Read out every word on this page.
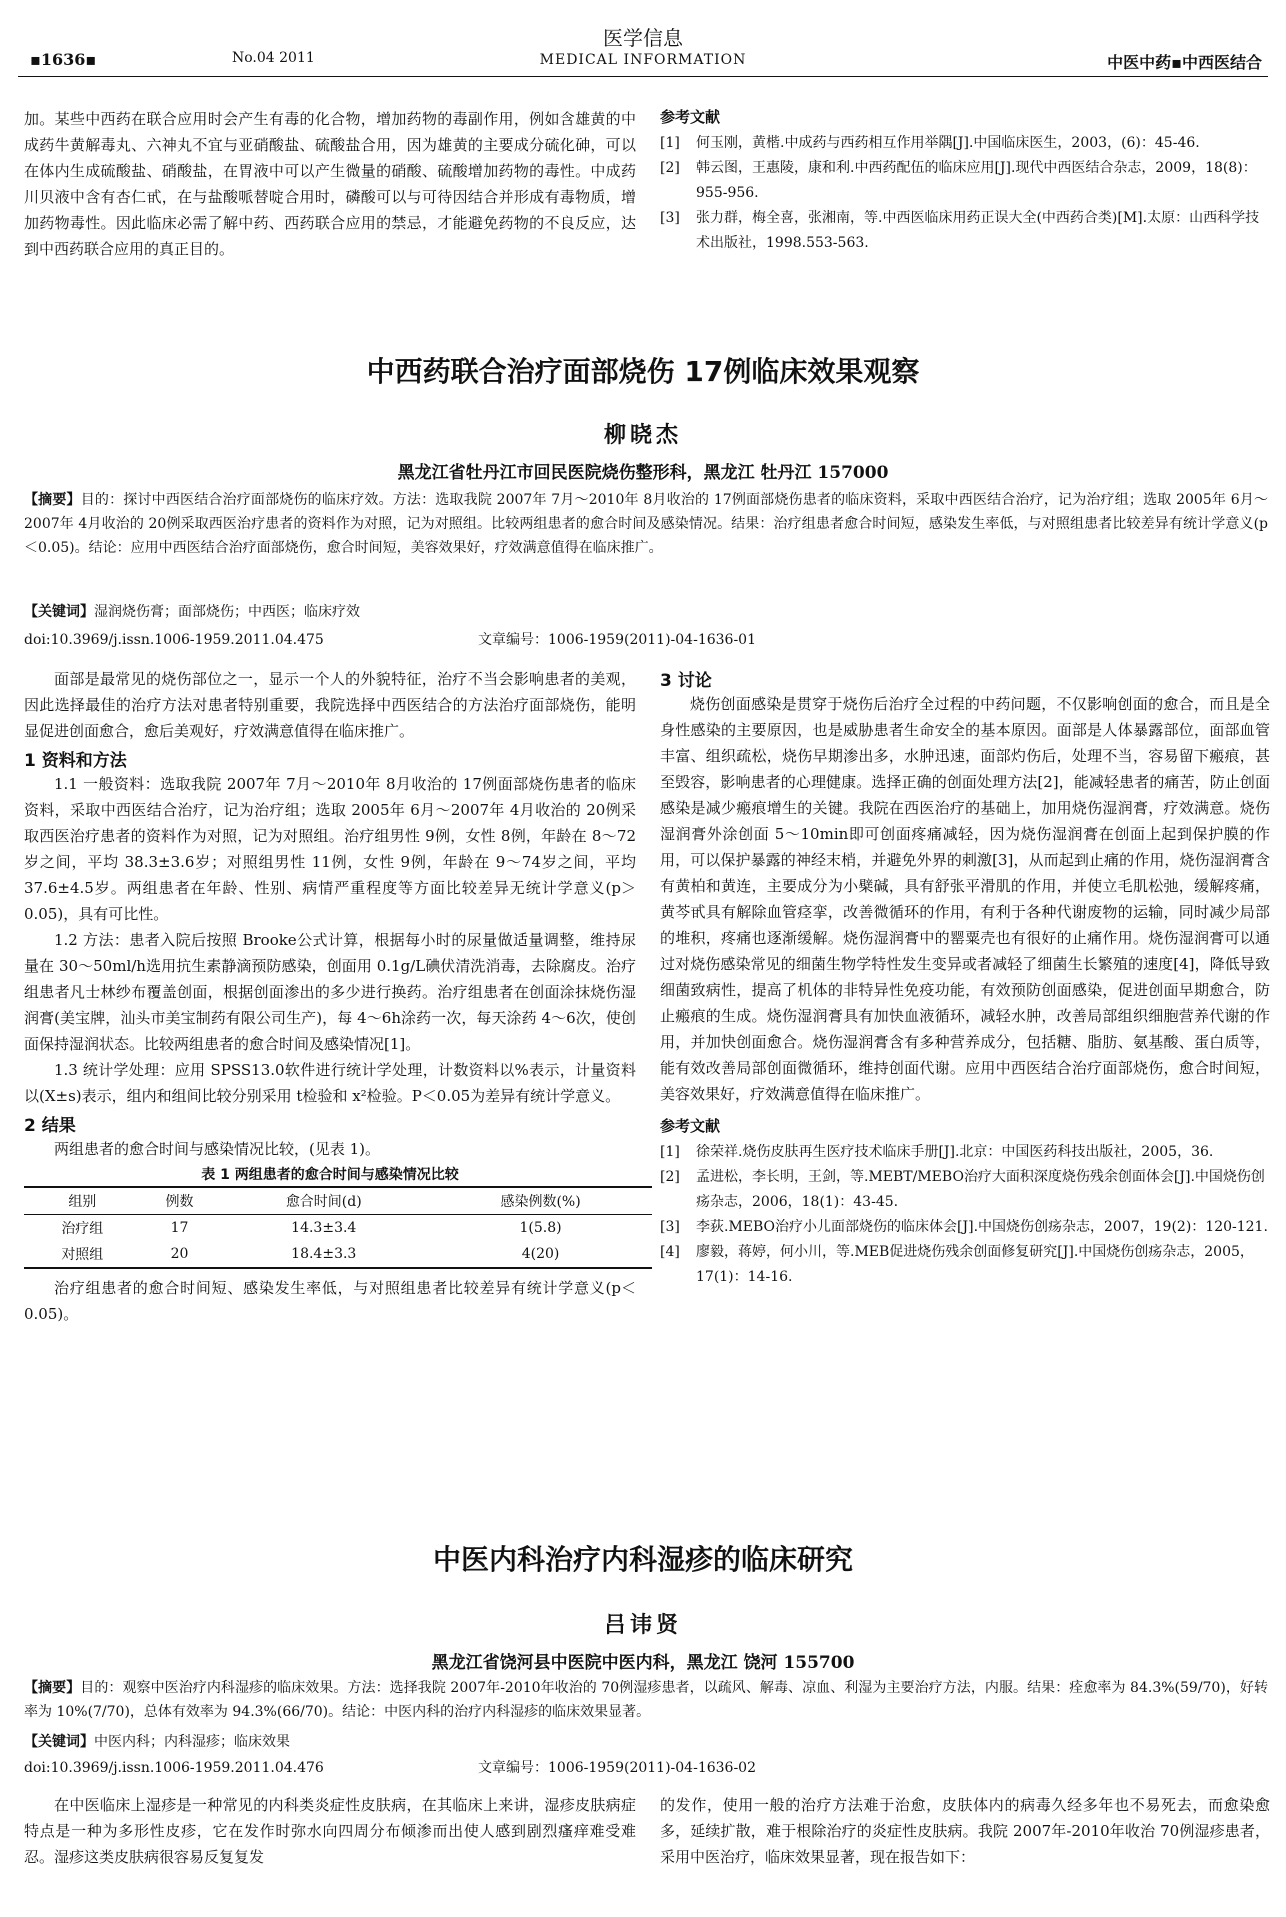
▪1636▪	No.04 2011
医学信息
MEDICAL INFORMATION	中医中药▪中西医结合
加。某些中西药在联合应用时会产生有毒的化合物，增加药物的毒副作用，例如含雄黄的中成药牛黄解毒丸、六神丸不宜与亚硝酸盐、硫酸盐合用，因为雄黄的主要成分硫化砷，可以在体内生成硫酸盐、硝酸盐，在胃液中可以产生微量的硝酸、硫酸增加药物的毒性。中成药川贝液中含有杏仁甙，在与盐酸哌替啶合用时，磷酸可以与可待因结合并形成有毒物质，增加药物毒性。因此临床必需了解中药、西药联合应用的禁忌，才能避免药物的不良反应，达到中西药联合应用的真正目的。
参考文献
[1]	何玉刚，黄楷.中成药与西药相互作用举隅[J].中国临床医生，2003，(6)：45-46.
[2]	韩云图，王惠陵，康和利.中西药配伍的临床应用[J].现代中西医结合杂志，2009，18(8)：955-956.
[3]	张力群，梅全喜，张湘南，等.中西医临床用药正误大全(中西药合类)[M].太原：山西科学技术出版社，1998.553-563.
中西药联合治疗面部烧伤 17例临床效果观察
柳晓杰
黑龙江省牡丹江市回民医院烧伤整形科，黑龙江 牡丹江 157000
【摘要】目的：探讨中西医结合治疗面部烧伤的临床疗效。方法：选取我院 2007年 7月～2010年 8月收治的 17例面部烧伤患者的临床资料，采取中西医结合治疗，记为治疗组；选取 2005年 6月～2007年 4月收治的 20例采取西医治疗患者的资料作为对照，记为对照组。比较两组患者的愈合时间及感染情况。结果：治疗组患者愈合时间短，感染发生率低，与对照组患者比较差异有统计学意义(p＜0.05)。结论：应用中西医结合治疗面部烧伤，愈合时间短，美容效果好，疗效满意值得在临床推广。
【关键词】湿润烧伤膏；面部烧伤；中西医；临床疗效
doi:10.3969/j.issn.1006-1959.2011.04.475	文章编号：1006-1959(2011)-04-1636-01
面部是最常见的烧伤部位之一，显示一个人的外貌特征，治疗不当会影响患者的美观，因此选择最佳的治疗方法对患者特别重要，我院选择中西医结合的方法治疗面部烧伤，能明显促进创面愈合，愈后美观好，疗效满意值得在临床推广。
1 资料和方法
1.1 一般资料：选取我院 2007年 7月～2010年 8月收治的 17例面部烧伤患者的临床资料，采取中西医结合治疗，记为治疗组；选取 2005年 6月～2007年 4月收治的 20例采取西医治疗患者的资料作为对照，记为对照组。治疗组男性 9例，女性 8例，年龄在 8～72岁之间，平均 38.3±3.6岁；对照组男性 11例，女性 9例，年龄在 9～74岁之间，平均 37.6±4.5岁。两组患者在年龄、性别、病情严重程度等方面比较差异无统计学意义(p＞0.05)，具有可比性。
1.2 方法：患者入院后按照 Brooke公式计算，根据每小时的尿量做适量调整，维持尿量在 30～50ml/h选用抗生素静滴预防感染，创面用 0.1g/L碘伏清洗消毒，去除腐皮。治疗组患者凡士林纱布覆盖创面，根据创面渗出的多少进行换药。治疗组患者在创面涂抹烧伤湿润膏(美宝牌，汕头市美宝制药有限公司生产)，每 4～6h涂药一次，每天涂药 4～6次，使创面保持湿润状态。比较两组患者的愈合时间及感染情况[1]。
1.3 统计学处理：应用 SPSS13.0软件进行统计学处理，计数资料以%表示，计量资料以(X±s)表示，组内和组间比较分别采用 t检验和 x²检验。P＜0.05为差异有统计学意义。
2 结果
两组患者的愈合时间与感染情况比较，(见表 1)。
表 1 两组患者的愈合时间与感染情况比较
组别	例数	愈合时间(d)	感染例数(%)
治疗组	17	14.3±3.4	1(5.8)
对照组	20	18.4±3.3	4(20)
治疗组患者的愈合时间短、感染发生率低，与对照组患者比较差异有统计学意义(p＜0.05)。
3 讨论
烧伤创面感染是贯穿于烧伤后治疗全过程的中药问题，不仅影响创面的愈合，而且是全身性感染的主要原因，也是威胁患者生命安全的基本原因。面部是人体暴露部位，面部血管丰富、组织疏松，烧伤早期渗出多，水肿迅速，面部灼伤后，处理不当，容易留下瘢痕，甚至毁容，影响患者的心理健康。选择正确的创面处理方法[2]，能减轻患者的痛苦，防止创面感染是减少瘢痕增生的关键。我院在西医治疗的基础上，加用烧伤湿润膏，疗效满意。烧伤湿润膏外涂创面 5～10min即可创面疼痛减轻，因为烧伤湿润膏在创面上起到保护膜的作用，可以保护暴露的神经末梢，并避免外界的刺激[3]，从而起到止痛的作用，烧伤湿润膏含有黄柏和黄连，主要成分为小檗碱，具有舒张平滑肌的作用，并使立毛肌松弛，缓解疼痛，黄芩甙具有解除血管痉挛，改善微循环的作用，有利于各种代谢废物的运输，同时减少局部的堆积，疼痛也逐渐缓解。烧伤湿润膏中的罂粟壳也有很好的止痛作用。烧伤湿润膏可以通过对烧伤感染常见的细菌生物学特性发生变异或者减轻了细菌生长繁殖的速度[4]，降低导致细菌致病性，提高了机体的非特异性免疫功能，有效预防创面感染，促进创面早期愈合，防止瘢痕的生成。烧伤湿润膏具有加快血液循环，减轻水肿，改善局部组织细胞营养代谢的作用，并加快创面愈合。烧伤湿润膏含有多种营养成分，包括糖、脂肪、氨基酸、蛋白质等，能有效改善局部创面微循环，维持创面代谢。应用中西医结合治疗面部烧伤，愈合时间短，美容效果好，疗效满意值得在临床推广。
参考文献
[1]	徐荣祥.烧伤皮肤再生医疗技术临床手册[J].北京：中国医药科技出版社，2005，36.
[2]	孟进松，李长明，王剑，等.MEBT/MEBO治疗大面积深度烧伤残余创面体会[J].中国烧伤创疡杂志，2006，18(1)：43-45.
[3]	李荻.MEBO治疗小儿面部烧伤的临床体会[J].中国烧伤创疡杂志，2007，19(2)：120-121.
[4]	廖毅，蒋婷，何小川，等.MEB促进烧伤残余创面修复研究[J].中国烧伤创疡杂志，2005，17(1)：14-16.
中医内科治疗内科湿疹的临床研究
吕讳贤
黑龙江省饶河县中医院中医内科，黑龙江 饶河 155700
【摘要】目的：观察中医治疗内科湿疹的临床效果。方法：选择我院 2007年-2010年收治的 70例湿疹患者，以疏风、解毒、凉血、利湿为主要治疗方法，内服。结果：痊愈率为 84.3%(59/70)，好转率为 10%(7/70)，总体有效率为 94.3%(66/70)。结论：中医内科的治疗内科湿疹的临床效果显著。
【关键词】中医内科；内科湿疹；临床效果
doi:10.3969/j.issn.1006-1959.2011.04.476	文章编号：1006-1959(2011)-04-1636-02
在中医临床上湿疹是一种常见的内科类炎症性皮肤病，在其临床上来讲，湿疹皮肤病症特点是一种为多形性皮疹，它在发作时弥水向四周分布倾渗而出使人感到剧烈瘙痒难受难忍。湿疹这类皮肤病很容易反复复发
的发作，使用一般的治疗方法难于治愈，皮肤体内的病毒久经多年也不易死去，而愈染愈多，延续扩散，难于根除治疗的炎症性皮肤病。我院 2007年-2010年收治 70例湿疹患者，采用中医治疗，临床效果显著，现在报告如下：
